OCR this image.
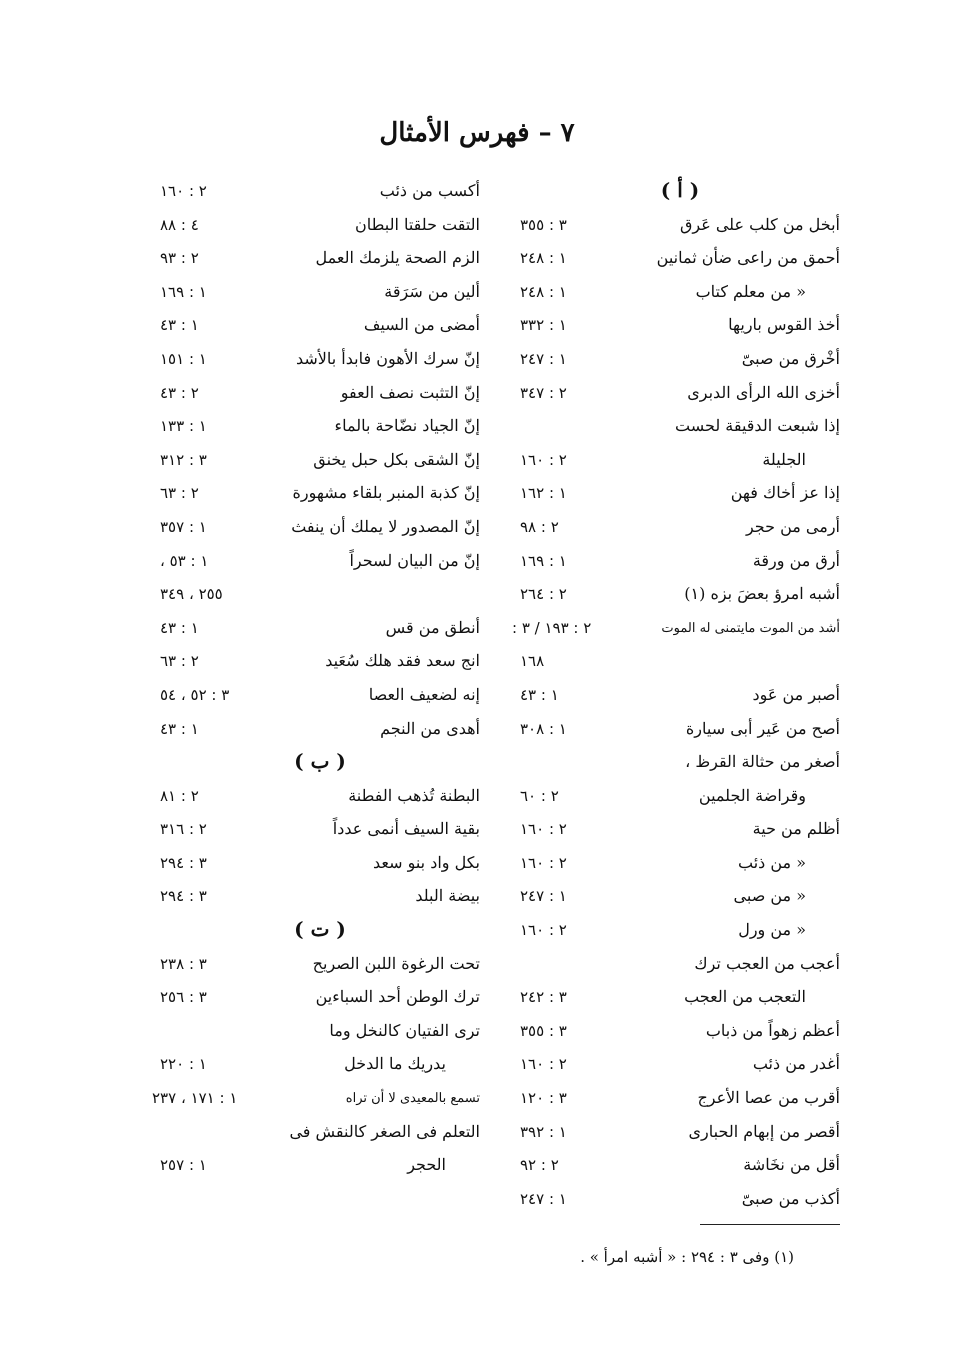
٧ – فهرس الأمثال
( أ )
أبخل من كلب على عَرق
٣ : ٣٥٥
أحمق من راعى ضأن ثمانين
١ : ٢٤٨
« من معلم كتاب
١ : ٢٤٨
أخذ القوس باريها
١ : ٣٣٢
أخْرق من صبىّ
١ : ٢٤٧
أخزى الله الرأى الدبرى
٢ : ٣٤٧
إذا شبعت الدقيقة لحست
الجليلة
٢ : ١٦٠
إذا عز أخاك فهن
١ : ١٦٢
أرمى من حجر
٢ : ٩٨
أرق من ورقة
١ : ١٦٩
أشبه امرؤ بعضَ بزه (١)
٢ : ٢٦٤
أشد من الموت مايتمنى له الموت
٢ : ١٩٣ / ٣ :
١٦٨
أصبر من عَود
١ : ٤٣
أصح من عَير أبى سيارة
١ : ٣٠٨
أصغر من حثالة القرظ ،
وقراضة الجلمين
٢ : ٦٠
أظلم من حية
٢ : ١٦٠
« من ذئب
٢ : ١٦٠
« من صبى
١ : ٢٤٧
« من ورل
٢ : ١٦٠
أعجب من العجب ترك
التعجب من العجب
٣ : ٢٤٢
أعظم زهواً من ذباب
٣ : ٣٥٥
أغدر من ذئب
٢ : ١٦٠
أقرب من عصا الأعرج
٣ : ١٢٠
أقصر من إبهام الحبارى
١ : ٣٩٢
أقل من نخَاشة
٢ : ٩٢
أكذب من صبىّ
١ : ٢٤٧
أكسب من ذئب
٢ : ١٦٠
التقت حلقتا البطان
٤ : ٨٨
الزم الصحة يلزمك العمل
٢ : ٩٣
ألين من سَرَقة
١ : ١٦٩
أمضى من السيف
١ : ٤٣
إنّ سرك الأهون فابدأ بالأشد
١ : ١٥١
إنّ التثبت نصف العفو
٢ : ٤٣
إنّ الجياد نضّاحة بالماء
١ : ١٣٣
إنّ الشقى بكل حبل يخنق
٣ : ٣١٢
إنّ كذبة المنبر بلقاء مشهورة
٢ : ٦٣
إنّ المصدور لا يملك أن ينفث
١ : ٣٥٧
إنّ من البيان لسحراً
١ : ٥٣ ،
٢٥٥ ، ٣٤٩
أنطق من قس
١ : ٤٣
انج سعد فقد هلك سُعَيد
٢ : ٦٣
إنه لضعيف العصا
٣ : ٥٢ ، ٥٤
أهدى من النجم
١ : ٤٣
( ب )
البطنة تُذهب الفطنة
٢ : ٨١
بقية السيف أنمى عدداً
٢ : ٣١٦
بكل واد بنو سعد
٣ : ٢٩٤
بيضة البلد
٣ : ٢٩٤
( ت )
تحت الرغوة اللبن الصريح
٣ : ٢٣٨
ترك الوطن أحد السباءين
٣ : ٢٥٦
ترى الفتيان كالنخل وما
يدريك ما الدخل
١ : ٢٢٠
تسمع بالمعيدى لا أن تراه
١ : ١٧١ ، ٢٣٧
التعلم فى الصغر كالنقش فى
الحجر
١ : ٢٥٧
(١) وفى ٣ : ٢٩٤ : « أشبه امرأ » .
